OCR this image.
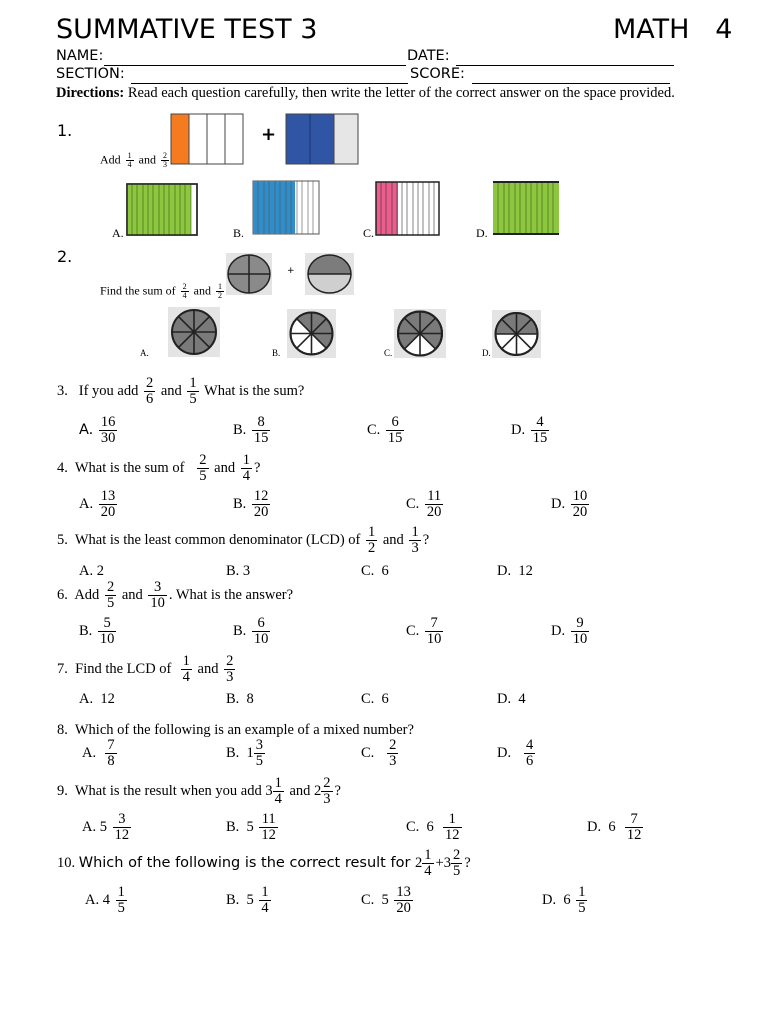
SUMMATIVE TEST 3	MATH   4
NAME:	DATE:
SECTION:	SCORE:
Directions: Read each question carefully, then write the letter of the correct answer on the space provided.
1.
Add $\frac{1}{4}$ and $\frac{2}{3}$
+
A.	B.	C.	D.
2.
Find the sum of $\frac{2}{4}$ and $\frac{1}{2}$
+
A.	B.	C.	D.
3. If you add $\frac{2}{6}$ and $\frac{1}{5}$ What is the sum?
A. $\frac{16}{30}$	B. $\frac{8}{15}$	C. $\frac{6}{15}$	D. $\frac{4}{15}$
4. What is the sum of $\frac{2}{5}$ and $\frac{1}{4}$ ?
A. $\frac{13}{20}$	B. $\frac{12}{20}$	C. $\frac{11}{20}$	D. $\frac{10}{20}$
5. What is the least common denominator (LCD) of $\frac{1}{2}$ and $\frac{1}{3}$ ?
A. 2	B. 3	C.  6	D.  12
6. Add $\frac{2}{5}$ and $\frac{3}{10}$ . What is the answer?
B. $\frac{5}{10}$	B. $\frac{6}{10}$	C. $\frac{7}{10}$	D. $\frac{9}{10}$
7. Find the LCD of $\frac{1}{4}$ and $\frac{2}{3}$
A.  12	B.  8	C.  6	D.  4
8. Which of the following is an example of a mixed number?
A. $\frac{7}{8}$	B. $1 \frac{3}{5}$	C. $\frac{2}{3}$	D. $\frac{4}{6}$
9. What is the result when you add $3 \frac{1}{4}$ and $2 \frac{2}{3}$ ?
A. $5 \frac{3}{12}$	B. $5 \frac{11}{12}$	C. $6 \frac{1}{12}$	D. $6 \frac{7}{12}$
10. Which of the following is the correct result for $2 \frac{1}{4} +3 \frac{2}{5}$ ?
A. $4 \frac{1}{5}$	B. $5 \frac{1}{4}$	C. $5 \frac{13}{20}$	D. $6 \frac{1}{5}$
